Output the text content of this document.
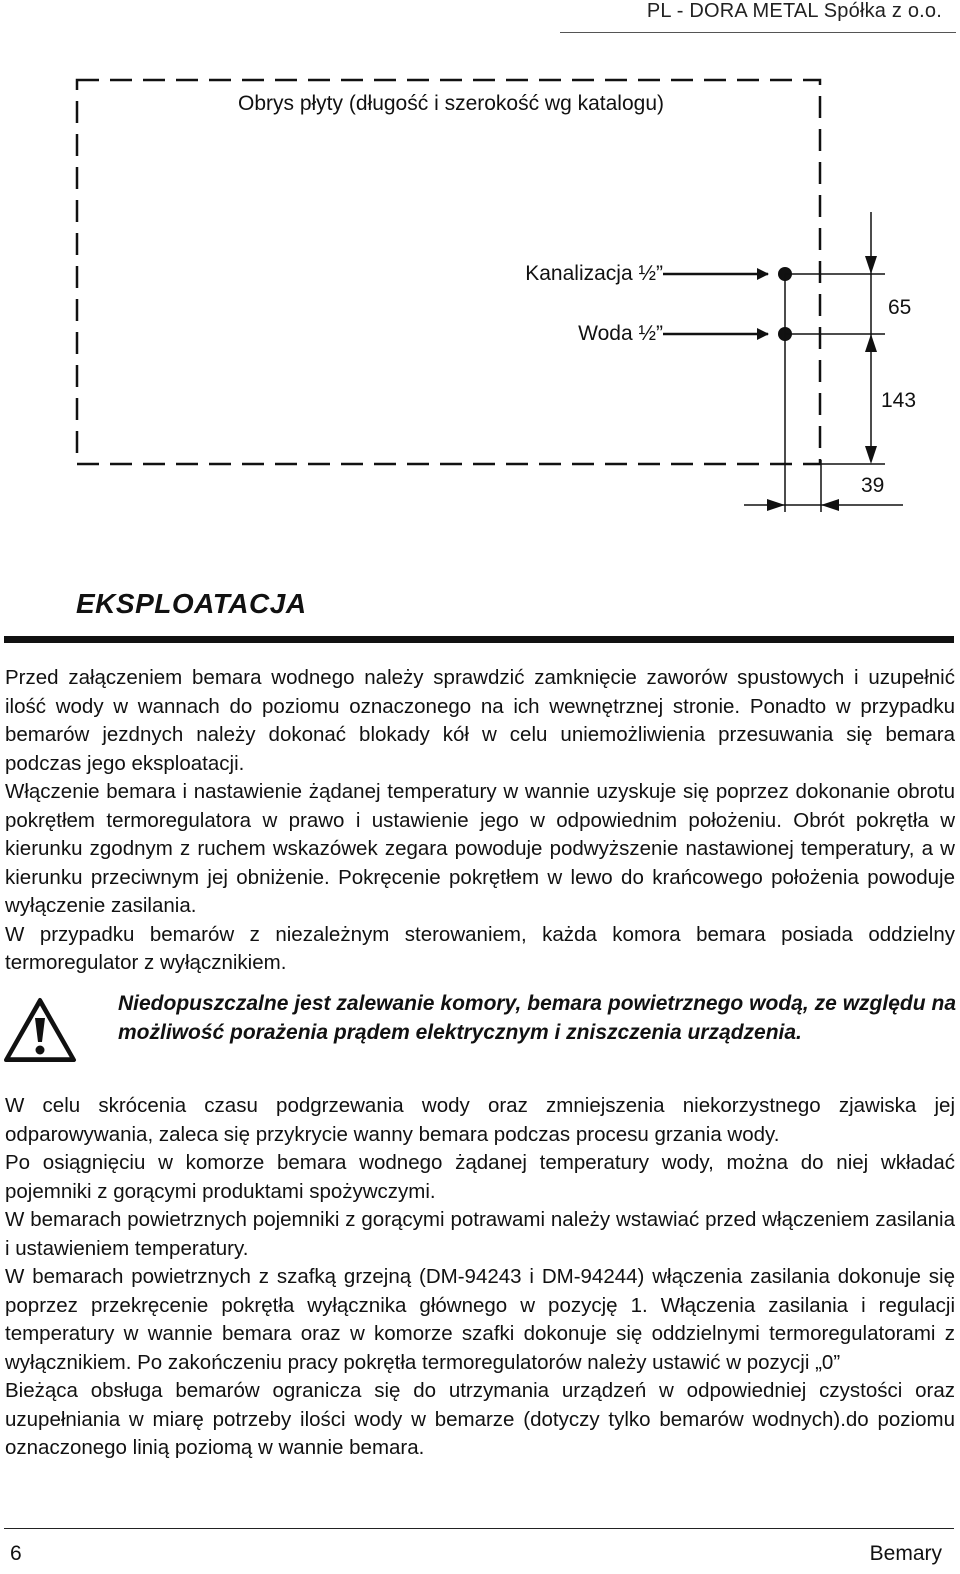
PL - DORA METAL Spółka z o.o.
Obrys płyty (długość i szerokość wg katalogu)
Kanalizacja ½”
Woda ½”
65
143
39
EKSPLOATACJA

Przed załączeniem bemara wodnego należy sprawdzić zamknięcie zaworów spustowych i uzupełnić ilość wody w wannach do poziomu oznaczonego na ich wewnętrznej stronie. Ponadto w przypadku bemarów jezdnych należy dokonać blokady kół w celu uniemożliwienia przesuwania się bemara podczas jego eksploatacji.

Włączenie bemara i nastawienie żądanej temperatury w wannie uzyskuje się poprzez dokonanie obrotu pokrętłem termoregulatora w prawo i ustawienie jego w odpowiednim położeniu. Obrót pokrętła w kierunku zgodnym z ruchem wskazówek zegara powoduje podwyższenie nastawionej temperatury, a w kierunku przeciwnym jej obniżenie. Pokręcenie pokrętłem w lewo do krańcowego położenia powoduje wyłączenie zasilania.

W przypadku bemarów z niezależnym sterowaniem, każda komora bemara posiada oddzielny termoregulator z wyłącznikiem.

Niedopuszczalne jest zalewanie komory, bemara powietrznego wodą, ze względu na możliwość porażenia prądem elektrycznym i zniszczenia urządzenia.

W celu skrócenia czasu podgrzewania wody oraz zmniejszenia niekorzystnego zjawiska jej odparowywania, zaleca się przykrycie wanny bemara podczas procesu grzania wody.

Po osiągnięciu w komorze bemara wodnego żądanej temperatury wody, można do niej wkładać pojemniki z gorącymi produktami spożywczymi.

W bemarach powietrznych pojemniki z gorącymi potrawami należy wstawiać przed włączeniem zasilania i ustawieniem temperatury.

W bemarach powietrznych z szafką grzejną (DM-94243 i DM-94244) włączenia zasilania dokonuje się poprzez przekręcenie pokrętła wyłącznika głównego w pozycję 1. Włączenia zasilania i regulacji temperatury w wannie bemara oraz w komorze szafki dokonuje się oddzielnymi termoregulatorami z wyłącznikiem. Po zakończeniu pracy pokrętła termoregulatorów należy ustawić w pozycji „0”

Bieżąca obsługa bemarów ogranicza się do utrzymania urządzeń w odpowiedniej czystości oraz uzupełniania w miarę potrzeby ilości wody w bemarze (dotyczy tylko bemarów wodnych).do poziomu oznaczonego linią poziomą w wannie bemara.

6	Bemary
